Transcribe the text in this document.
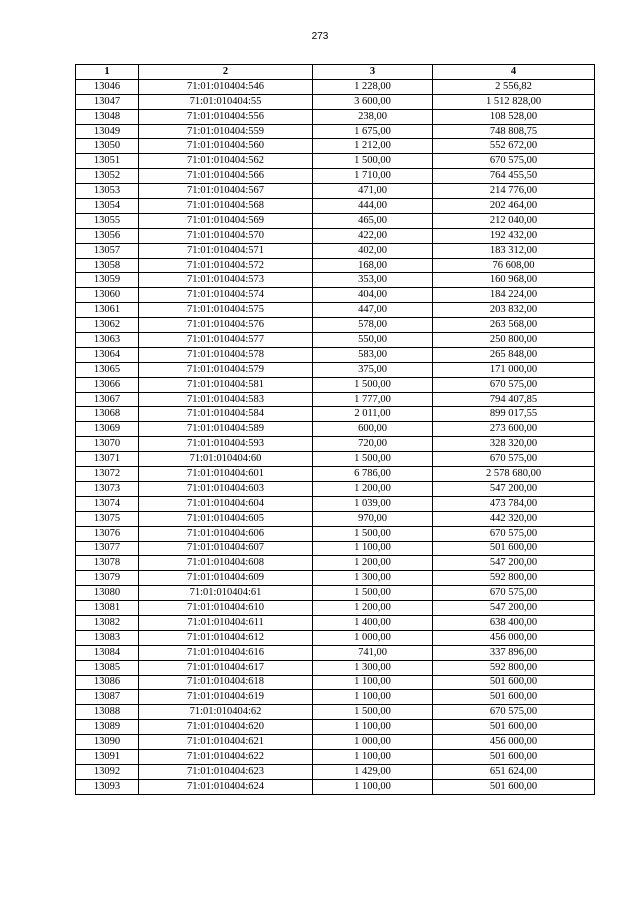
273
1	2	3	4
13046	71:01:010404:546	1 228,00	2 556,82
13047	71:01:010404:55	3 600,00	1 512 828,00
13048	71:01:010404:556	238,00	108 528,00
13049	71:01:010404:559	1 675,00	748 808,75
13050	71:01:010404:560	1 212,00	552 672,00
13051	71:01:010404:562	1 500,00	670 575,00
13052	71:01:010404:566	1 710,00	764 455,50
13053	71:01:010404:567	471,00	214 776,00
13054	71:01:010404:568	444,00	202 464,00
13055	71:01:010404:569	465,00	212 040,00
13056	71:01:010404:570	422,00	192 432,00
13057	71:01:010404:571	402,00	183 312,00
13058	71:01:010404:572	168,00	76 608,00
13059	71:01:010404:573	353,00	160 968,00
13060	71:01:010404:574	404,00	184 224,00
13061	71:01:010404:575	447,00	203 832,00
13062	71:01:010404:576	578,00	263 568,00
13063	71:01:010404:577	550,00	250 800,00
13064	71:01:010404:578	583,00	265 848,00
13065	71:01:010404:579	375,00	171 000,00
13066	71:01:010404:581	1 500,00	670 575,00
13067	71:01:010404:583	1 777,00	794 407,85
13068	71:01:010404:584	2 011,00	899 017,55
13069	71:01:010404:589	600,00	273 600,00
13070	71:01:010404:593	720,00	328 320,00
13071	71:01:010404:60	1 500,00	670 575,00
13072	71:01:010404:601	6 786,00	2 578 680,00
13073	71:01:010404:603	1 200,00	547 200,00
13074	71:01:010404:604	1 039,00	473 784,00
13075	71:01:010404:605	970,00	442 320,00
13076	71:01:010404:606	1 500,00	670 575,00
13077	71:01:010404:607	1 100,00	501 600,00
13078	71:01:010404:608	1 200,00	547 200,00
13079	71:01:010404:609	1 300,00	592 800,00
13080	71:01:010404:61	1 500,00	670 575,00
13081	71:01:010404:610	1 200,00	547 200,00
13082	71:01:010404:611	1 400,00	638 400,00
13083	71:01:010404:612	1 000,00	456 000,00
13084	71:01:010404:616	741,00	337 896,00
13085	71:01:010404:617	1 300,00	592 800,00
13086	71:01:010404:618	1 100,00	501 600,00
13087	71:01:010404:619	1 100,00	501 600,00
13088	71:01:010404:62	1 500,00	670 575,00
13089	71:01:010404:620	1 100,00	501 600,00
13090	71:01:010404:621	1 000,00	456 000,00
13091	71:01:010404:622	1 100,00	501 600,00
13092	71:01:010404:623	1 429,00	651 624,00
13093	71:01:010404:624	1 100,00	501 600,00
